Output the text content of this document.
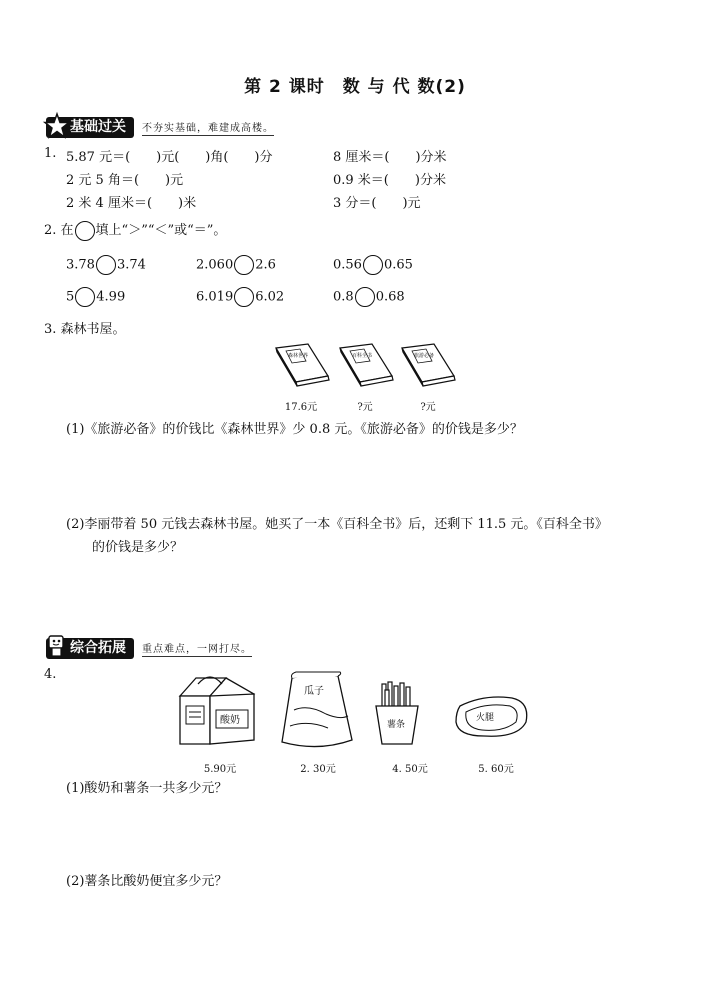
第 2 课时　数 与 代 数(2)
基础过关	不夯实基础，难建成高楼。
1. 5.87 元＝(　　)元(　　)角(　　)分	8 厘米＝(　　)分米
2 元 5 角＝(　　)元	0.9 米＝(　　)分米
2 米 4 厘米＝(　　)米	3 分＝(　　)元
2. 在 填上“＞”“＜”或“＝”。
3.78 3.74	2.060 2.6	0.56 0.65
5 4.99	6.019 6.02	0.8 0.68
3. 森林书屋。
森林世界	百科全书	旅游必备
17.6元	?元	?元
(1)《旅游必备》的价钱比《森林世界》少 0.8 元。《旅游必备》的价钱是多少？
(2)李丽带着 50 元钱去森林书屋。她买了一本《百科全书》后，还剩下 11.5 元。《百科全书》
的价钱是多少？
综合拓展	重点难点，一网打尽。
4.
酸奶
瓜子
薯条
火腿
5.90元	2. 30元	4. 50元	5. 60元
(1)酸奶和薯条一共多少元？
(2)薯条比酸奶便宜多少元？
